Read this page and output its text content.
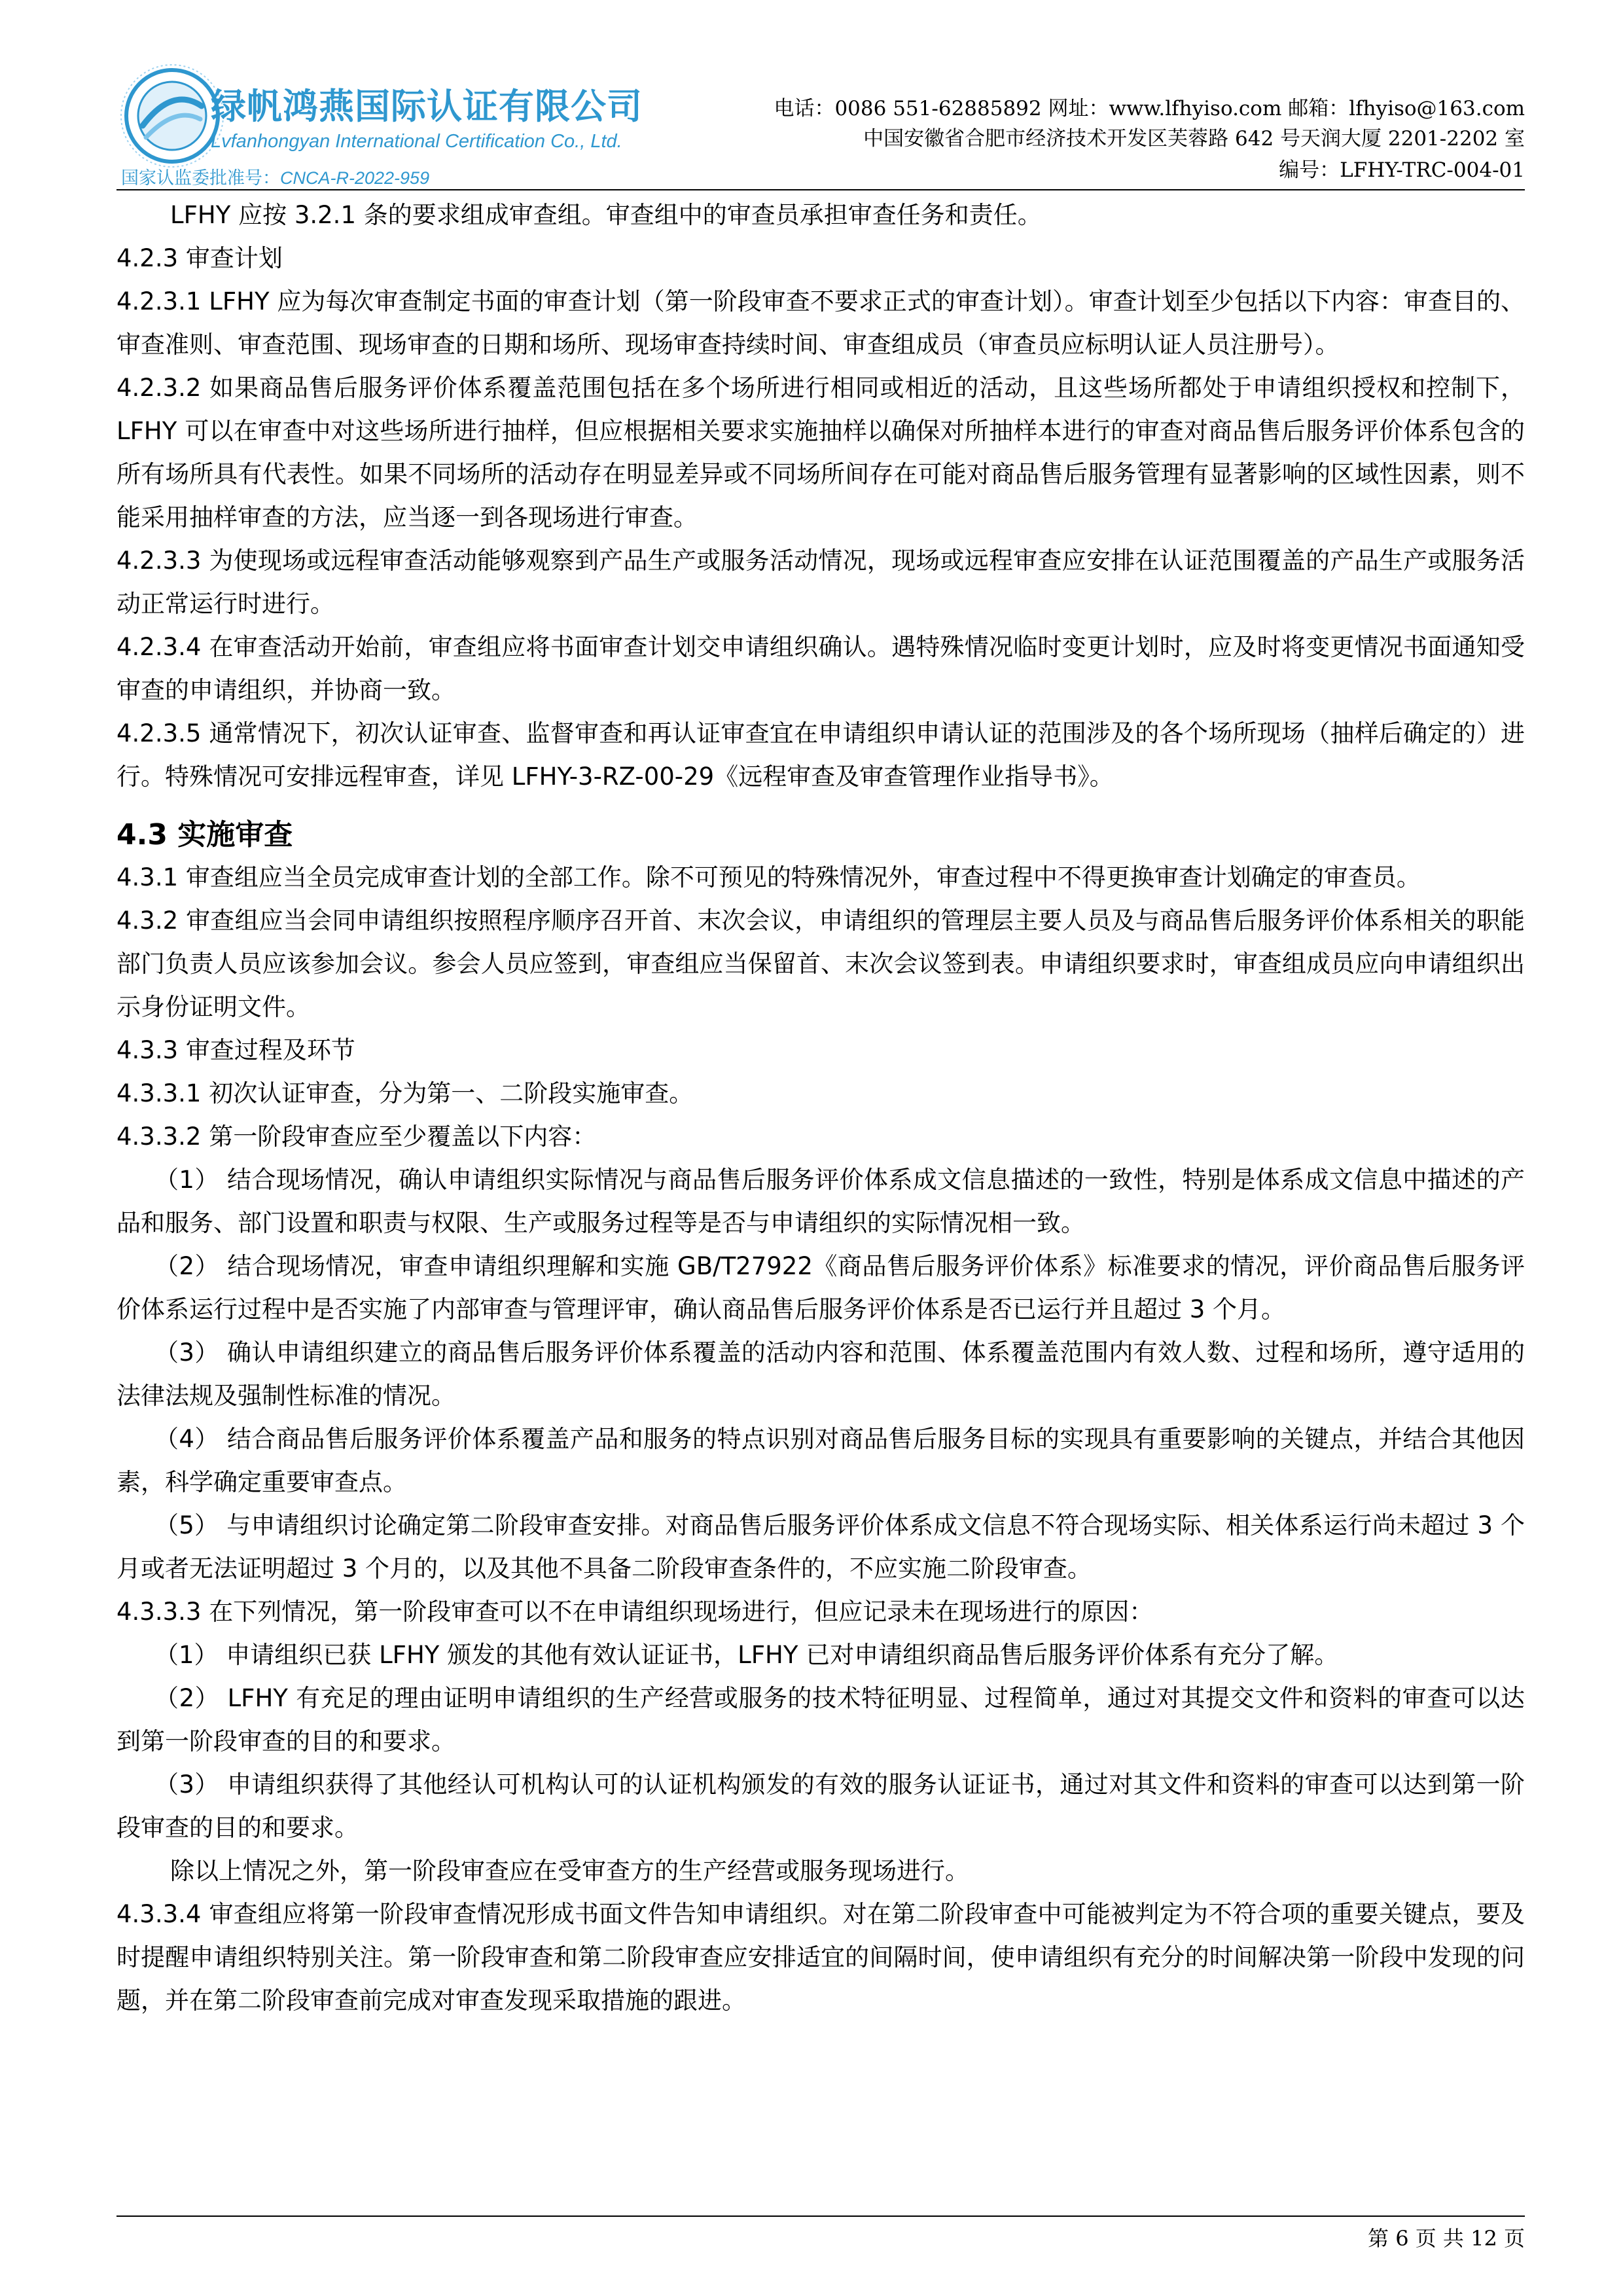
绿帆鸿燕国际认证有限公司
Lvfanhongyan International Certification Co., Ltd.
国家认监委批准号：CNCA-R-2022-959
电话：0086 551-62885892 网址：www.lfhyiso.com 邮箱：lfhyiso@163.com
中国安徽省合肥市经济技术开发区芙蓉路 642 号天润大厦 2201-2202 室
编号：LFHY-TRC-004-01

LFHY 应按 3.2.1 条的要求组成审查组。审查组中的审查员承担审查任务和责任。

4.2.3 审查计划

4.2.3.1 LFHY 应为每次审查制定书面的审查计划（第一阶段审查不要求正式的审查计划）。审查计划至少包括以下内容：审查目的、审查准则、审查范围、现场审查的日期和场所、现场审查持续时间、审查组成员（审查员应标明认证人员注册号）。

4.2.3.2 如果商品售后服务评价体系覆盖范围包括在多个场所进行相同或相近的活动，且这些场所都处于申请组织授权和控制下，LFHY 可以在审查中对这些场所进行抽样，但应根据相关要求实施抽样以确保对所抽样本进行的审查对商品售后服务评价体系包含的所有场所具有代表性。如果不同场所的活动存在明显差异或不同场所间存在可能对商品售后服务管理有显著影响的区域性因素，则不能采用抽样审查的方法，应当逐一到各现场进行审查。

4.2.3.3 为使现场或远程审查活动能够观察到产品生产或服务活动情况，现场或远程审查应安排在认证范围覆盖的产品生产或服务活动正常运行时进行。

4.2.3.4 在审查活动开始前，审查组应将书面审查计划交申请组织确认。遇特殊情况临时变更计划时，应及时将变更情况书面通知受审查的申请组织，并协商一致。

4.2.3.5 通常情况下，初次认证审查、监督审查和再认证审查宜在申请组织申请认证的范围涉及的各个场所现场（抽样后确定的）进行。特殊情况可安排远程审查，详见 LFHY-3-RZ-00-29《远程审查及审查管理作业指导书》。

4.3 实施审查

4.3.1 审查组应当全员完成审查计划的全部工作。除不可预见的特殊情况外，审查过程中不得更换审查计划确定的审查员。

4.3.2 审查组应当会同申请组织按照程序顺序召开首、末次会议，申请组织的管理层主要人员及与商品售后服务评价体系相关的职能部门负责人员应该参加会议。参会人员应签到，审查组应当保留首、末次会议签到表。申请组织要求时，审查组成员应向申请组织出示身份证明文件。

4.3.3 审查过程及环节

4.3.3.1 初次认证审查，分为第一、二阶段实施审查。

4.3.3.2 第一阶段审查应至少覆盖以下内容：

（1） 结合现场情况，确认申请组织实际情况与商品售后服务评价体系成文信息描述的一致性，特别是体系成文信息中描述的产品和服务、部门设置和职责与权限、生产或服务过程等是否与申请组织的实际情况相一致。

（2） 结合现场情况，审查申请组织理解和实施 GB/T27922《商品售后服务评价体系》标准要求的情况，评价商品售后服务评价体系运行过程中是否实施了内部审查与管理评审，确认商品售后服务评价体系是否已运行并且超过 3 个月。

（3） 确认申请组织建立的商品售后服务评价体系覆盖的活动内容和范围、体系覆盖范围内有效人数、过程和场所，遵守适用的法律法规及强制性标准的情况。

（4） 结合商品售后服务评价体系覆盖产品和服务的特点识别对商品售后服务目标的实现具有重要影响的关键点，并结合其他因素，科学确定重要审查点。

（5） 与申请组织讨论确定第二阶段审查安排。对商品售后服务评价体系成文信息不符合现场实际、相关体系运行尚未超过 3 个月或者无法证明超过 3 个月的，以及其他不具备二阶段审查条件的，不应实施二阶段审查。

4.3.3.3 在下列情况，第一阶段审查可以不在申请组织现场进行，但应记录未在现场进行的原因：

（1） 申请组织已获 LFHY 颁发的其他有效认证证书，LFHY 已对申请组织商品售后服务评价体系有充分了解。

（2） LFHY 有充足的理由证明申请组织的生产经营或服务的技术特征明显、过程简单，通过对其提交文件和资料的审查可以达到第一阶段审查的目的和要求。

（3） 申请组织获得了其他经认可机构认可的认证机构颁发的有效的服务认证证书，通过对其文件和资料的审查可以达到第一阶段审查的目的和要求。

除以上情况之外，第一阶段审查应在受审查方的生产经营或服务现场进行。

4.3.3.4 审查组应将第一阶段审查情况形成书面文件告知申请组织。对在第二阶段审查中可能被判定为不符合项的重要关键点，要及时提醒申请组织特别关注。第一阶段审查和第二阶段审查应安排适宜的间隔时间，使申请组织有充分的时间解决第一阶段中发现的问题，并在第二阶段审查前完成对审查发现采取措施的跟进。

第 6 页 共 12 页
